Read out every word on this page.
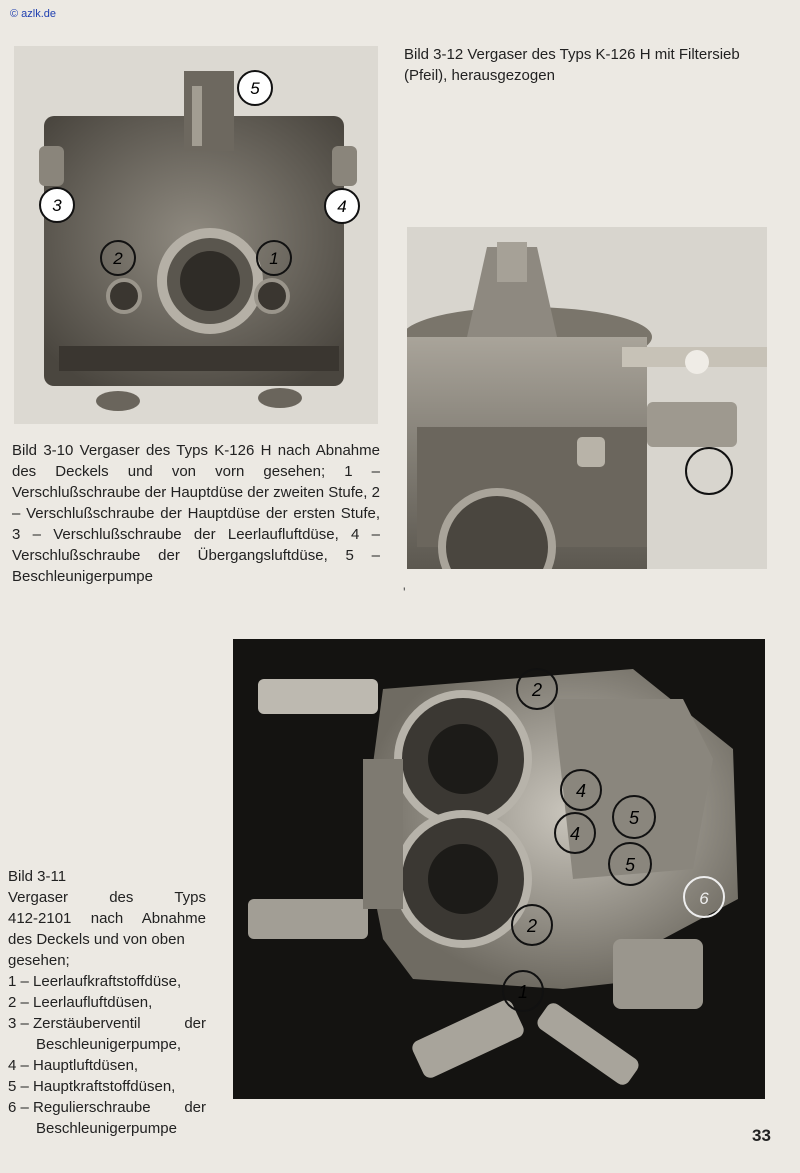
© azlk.de
5
3	4
2	1
Bild 3-12 Vergaser des Typs K-126 H mit Filtersieb (Pfeil), herausgezogen
Bild 3-10 Vergaser des Typs K-126 H nach Abnahme des Deckels und von vorn gesehen; 1 – Verschlußschraube der Hauptdüse der zweiten Stufe, 2 – Verschlußschraube der Hauptdüse der ersten Stufe, 3 – Verschlußschraube der Leerlaufluftdüse, 4 – Verschlußschraube der Übergangsluftdüse, 5 – Beschleunigerpumpe
'
2
4
4
5
5
6
2
1
Bild 3-11
Vergaser des Typs
412-2101 nach Abnahme
des Deckels und von oben
gesehen;
1 – Leerlaufkraftstoffdüse,
2 – Leerlaufluftdüsen,
3 – Zerstäuberventil	der
Beschleunigerpumpe,
4 – Hauptluftdüsen,
5 – Hauptkraftstoffdüsen,
6 – Regulierschraube der
Beschleunigerpumpe	33
